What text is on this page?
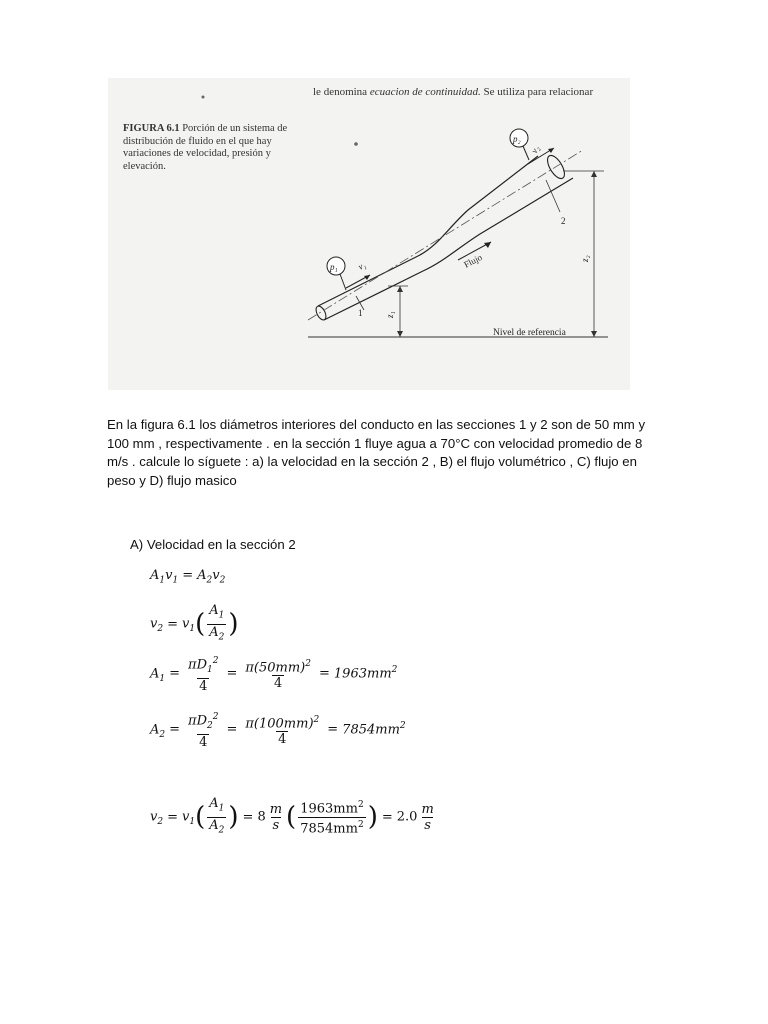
p₁
p₂
v₁
v₂
1
2
z₁
z₂
Flujo
Nivel de referencia
le denomina ecuacion de continuidad. Se utiliza para relacionar
FIGURA 6.1 Porción de un sistema de distribución de fluido en el que hay variaciones de velocidad, presión y elevación.
En la figura 6.1 los diámetros interiores del conducto en las secciones 1 y 2 son de 50 mm y 100 mm , respectivamente . en la sección 1 fluye agua a 70°C con velocidad promedio de 8 m/s . calcule lo síguete : a) la velocidad en la sección 2 , B) el flujo volumétrico , C) flujo en peso y D) flujo masico
A) Velocidad en la sección 2
$A_1v_1 = A_2v_2$
$v_2 = v_1( \frac{A_1}{A_2}$ )
$A_1 = \frac{\pi D_1^2}{4} = \frac{\pi(50mm)^2}{4} = 1963mm^2$
$A_2 = \frac{\pi D_2^2}{4} = \frac{\pi(100mm)^2}{4} = 7854mm^2$
$v_2 = v_1( \frac{A_1}{A_2}$ ) = $8 \frac{m}{s}$ ( $\frac{1963mm^2}{7854mm^2}$ ) = $2.0 \frac{m}{s}$
